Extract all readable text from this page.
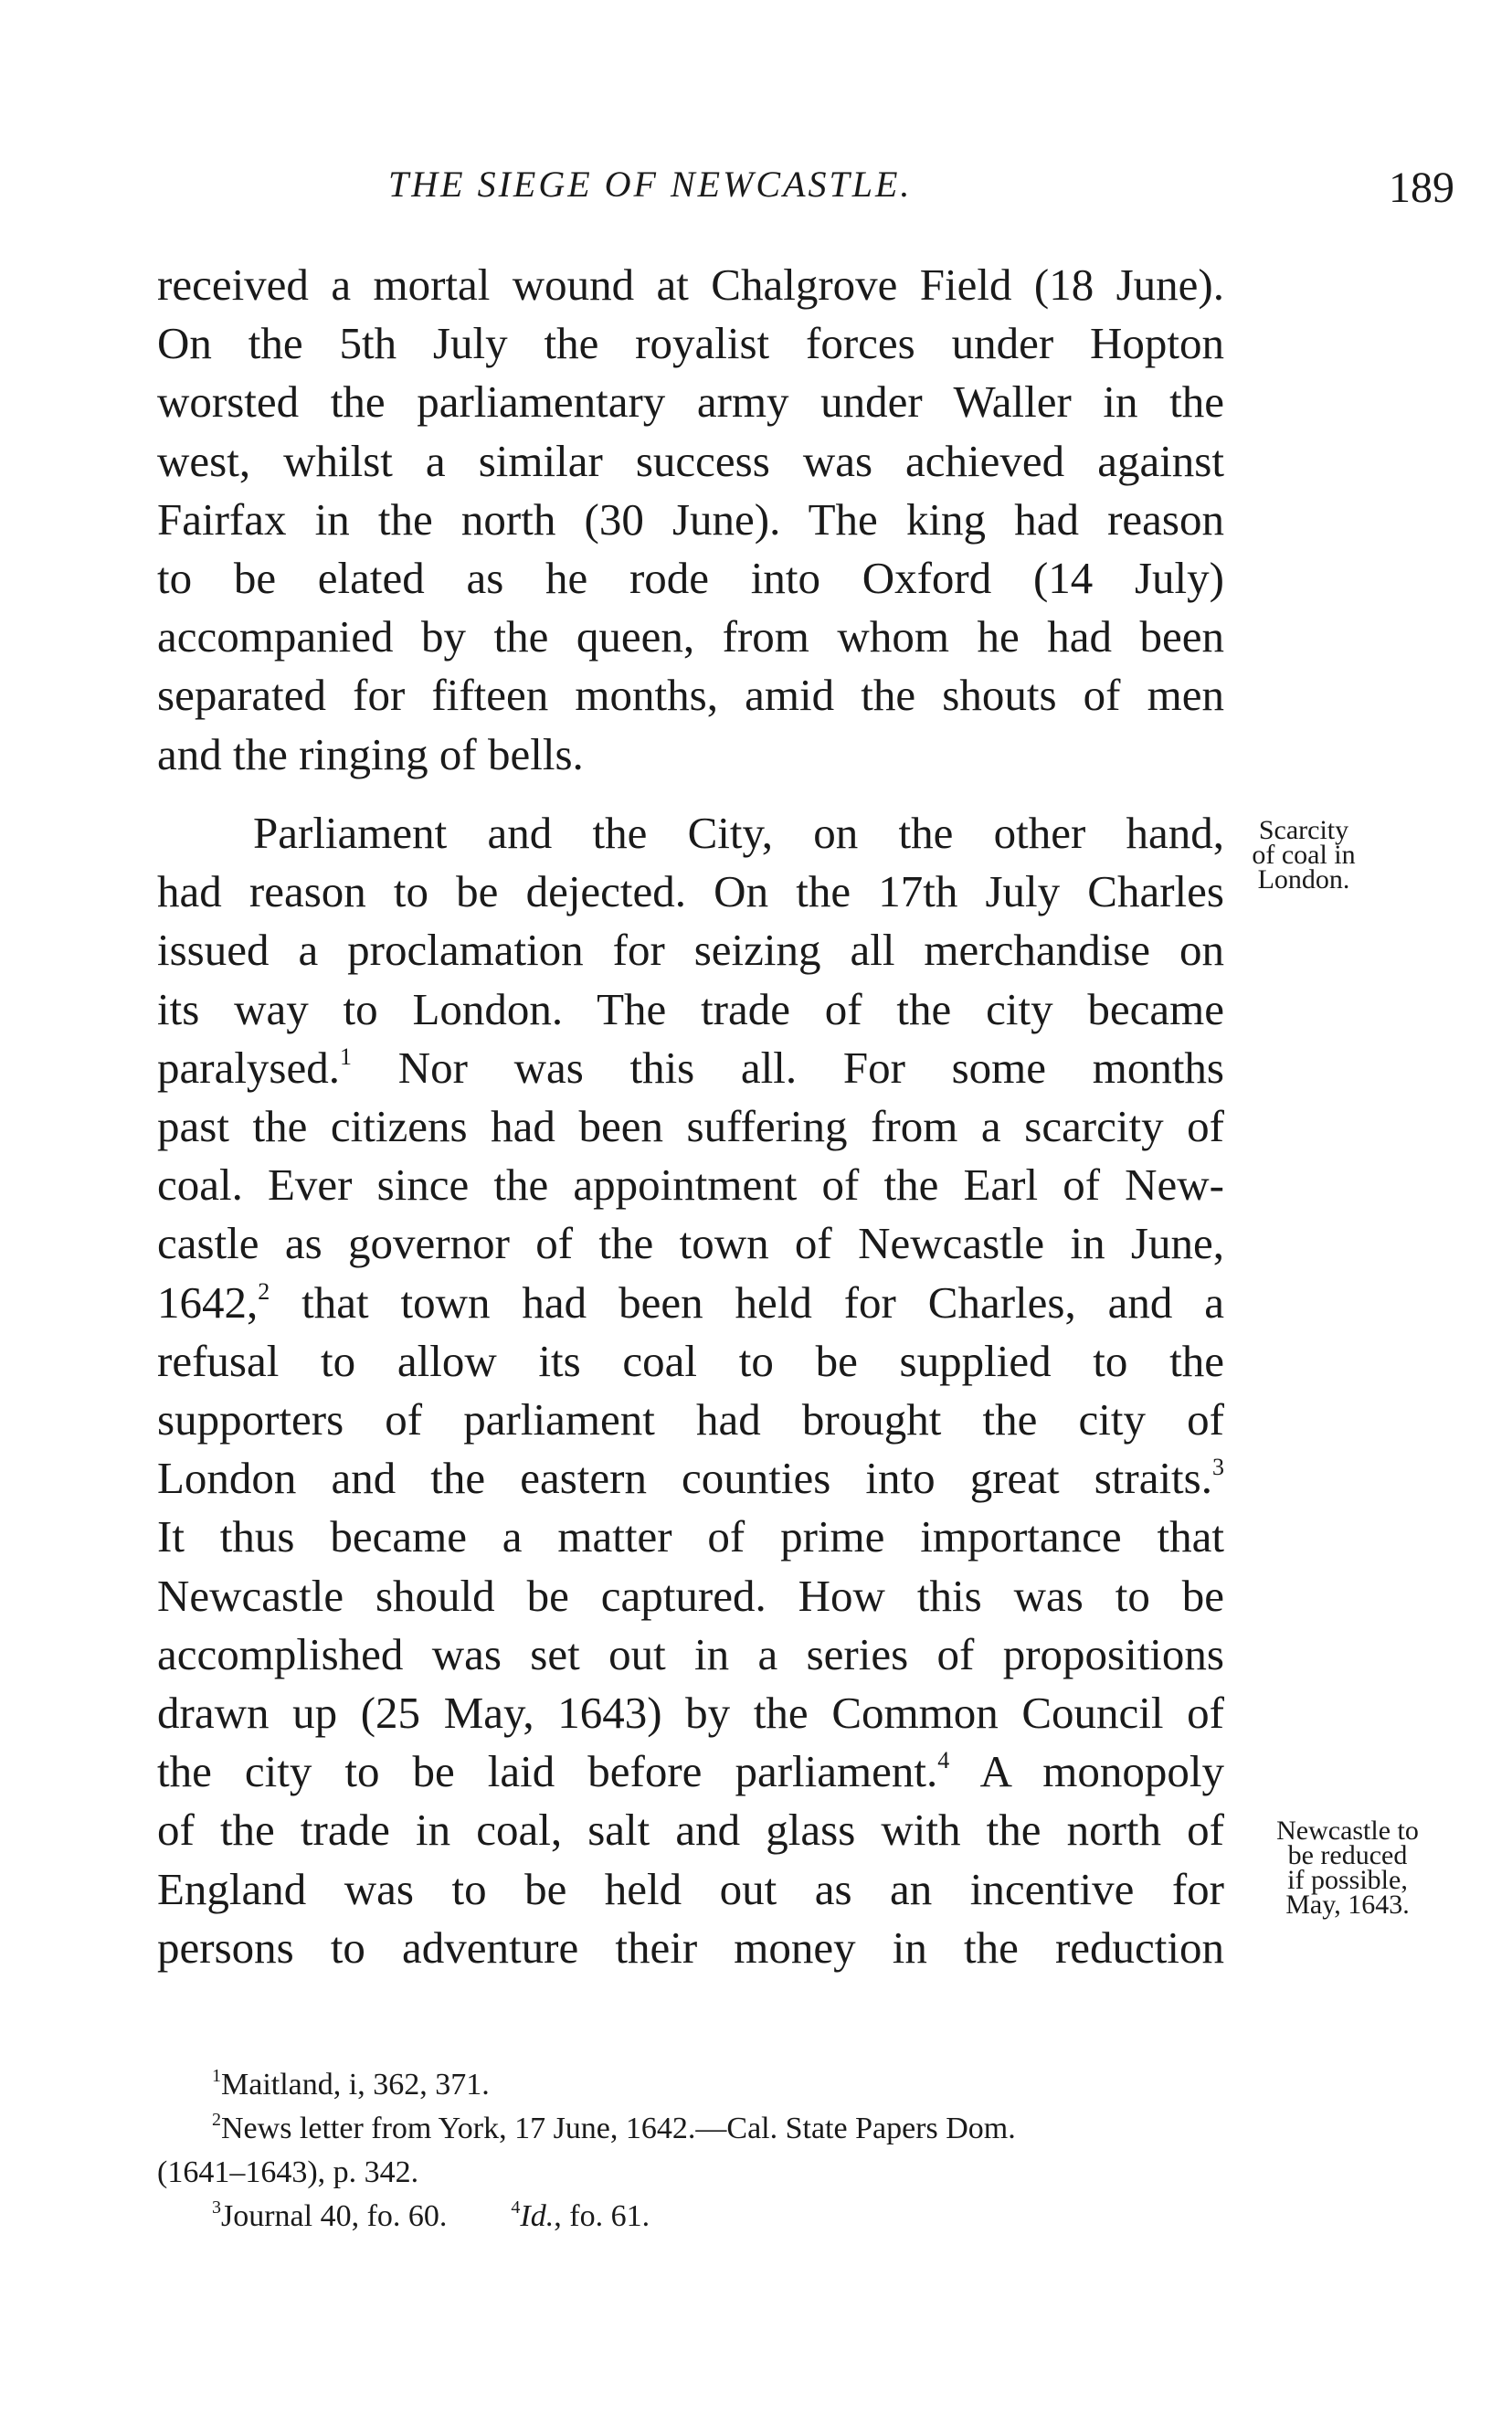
THE SIEGE OF NEWCASTLE.	189
received a mortal wound at Chalgrove Field (18 June).
On the 5th July the royalist forces under Hopton
worsted the parliamentary army under Waller in the
west, whilst a similar success was achieved against
Fairfax in the north (30 June). The king had reason
to be elated as he rode into Oxford (14 July)
accompanied by the queen, from whom he had been
separated for fifteen months, amid the shouts of men
and the ringing of bells.
Parliament and the City, on the other hand,
had reason to be dejected. On the 17th July Charles
issued a proclamation for seizing all merchandise on
its way to London. The trade of the city became
paralysed.$^1$ Nor was this all. For some months
past the citizens had been suffering from a scarcity of
coal. Ever since the appointment of the Earl of New-
castle as governor of the town of Newcastle in June,
1642,$^2$ that town had been held for Charles, and a
refusal to allow its coal to be supplied to the
supporters of parliament had brought the city of
London and the eastern counties into great straits.$^3$
It thus became a matter of prime importance that
Newcastle should be captured. How this was to be
accomplished was set out in a series of propositions
drawn up (25 May, 1643) by the Common Council of
the city to be laid before parliament.$^4$ A monopoly
of the trade in coal, salt and glass with the north of
England was to be held out as an incentive for
persons to adventure their money in the reduction
Scarcity
of coal in
London.
Newcastle to
be reduced
if possible,
May, 1643.
$^1$Maitland, i, 362, 371.
$^2$News letter from York, 17 June, 1642.—Cal. State Papers Dom.
(1641–1643), p. 342.
$^3$Journal 40, fo. 60.	$^4$Id., fo. 61.
